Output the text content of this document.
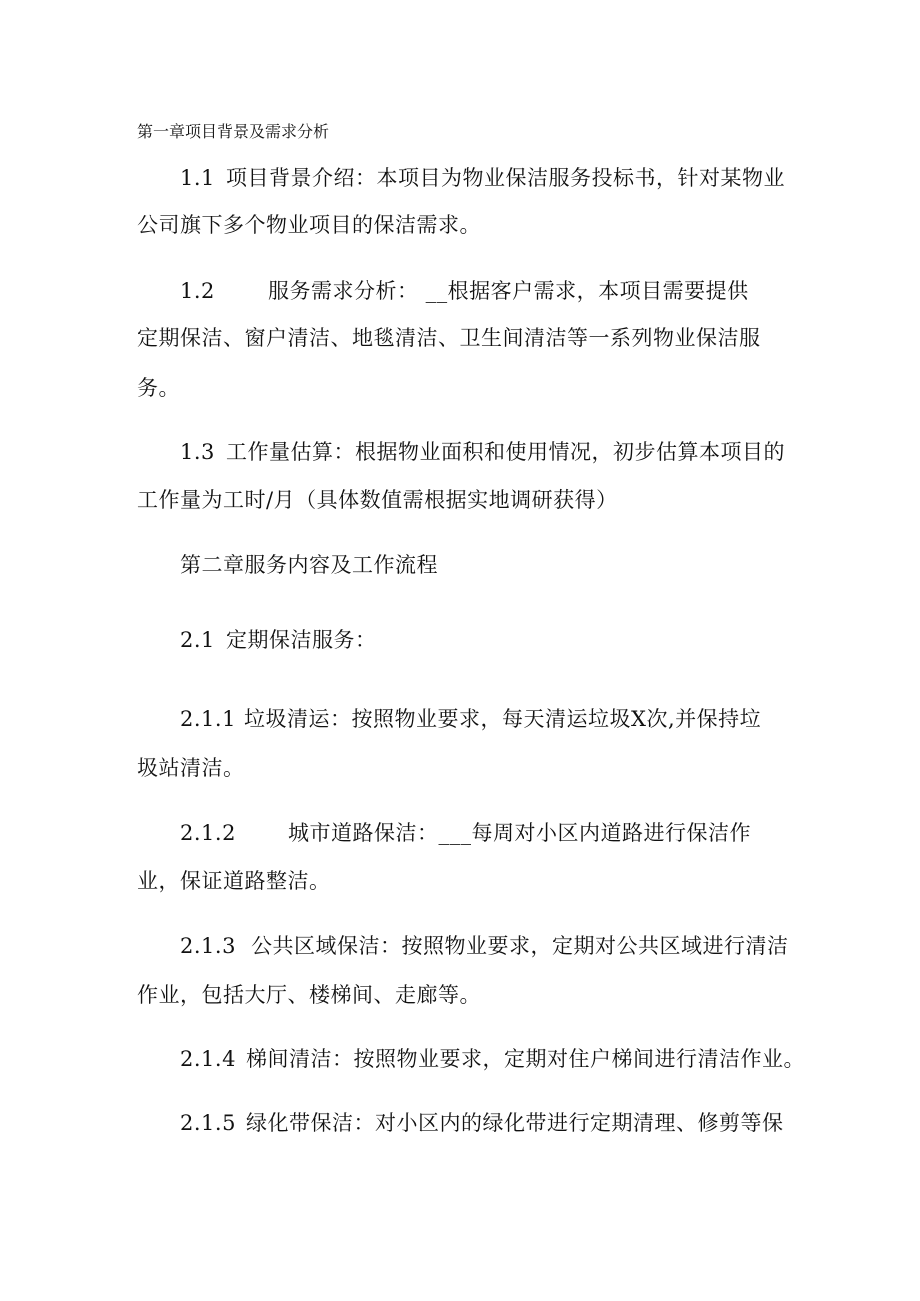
第一章项目背景及需求分析
1.1 项目背景介绍：本项目为物业保洁服务投标书，针对某物业
公司旗下多个物业项目的保洁需求。
1.2	服务需求分析： __根据客户需求，本项目需要提供
定期保洁、窗户清洁、地毯清洁、卫生间清洁等一系列物业保洁服
务。
1.3 工作量估算：根据物业面积和使用情况，初步估算本项目的
工作量为工时/月（具体数值需根据实地调研获得）
第二章服务内容及工作流程
2.1 定期保洁服务：
2.1.1 垃圾清运：按照物业要求，每天清运垃圾X次,并保持垃
圾站清洁。
2.1.2 城市道路保洁：___每周对小区内道路进行保洁作
业，保证道路整洁。
2.1.3 公共区域保洁：按照物业要求，定期对公共区域进行清洁
作业，包括大厅、楼梯间、走廊等。
2.1.4 梯间清洁：按照物业要求，定期对住户梯间进行清洁作业。
2.1.5 绿化带保洁：对小区内的绿化带进行定期清理、修剪等保
